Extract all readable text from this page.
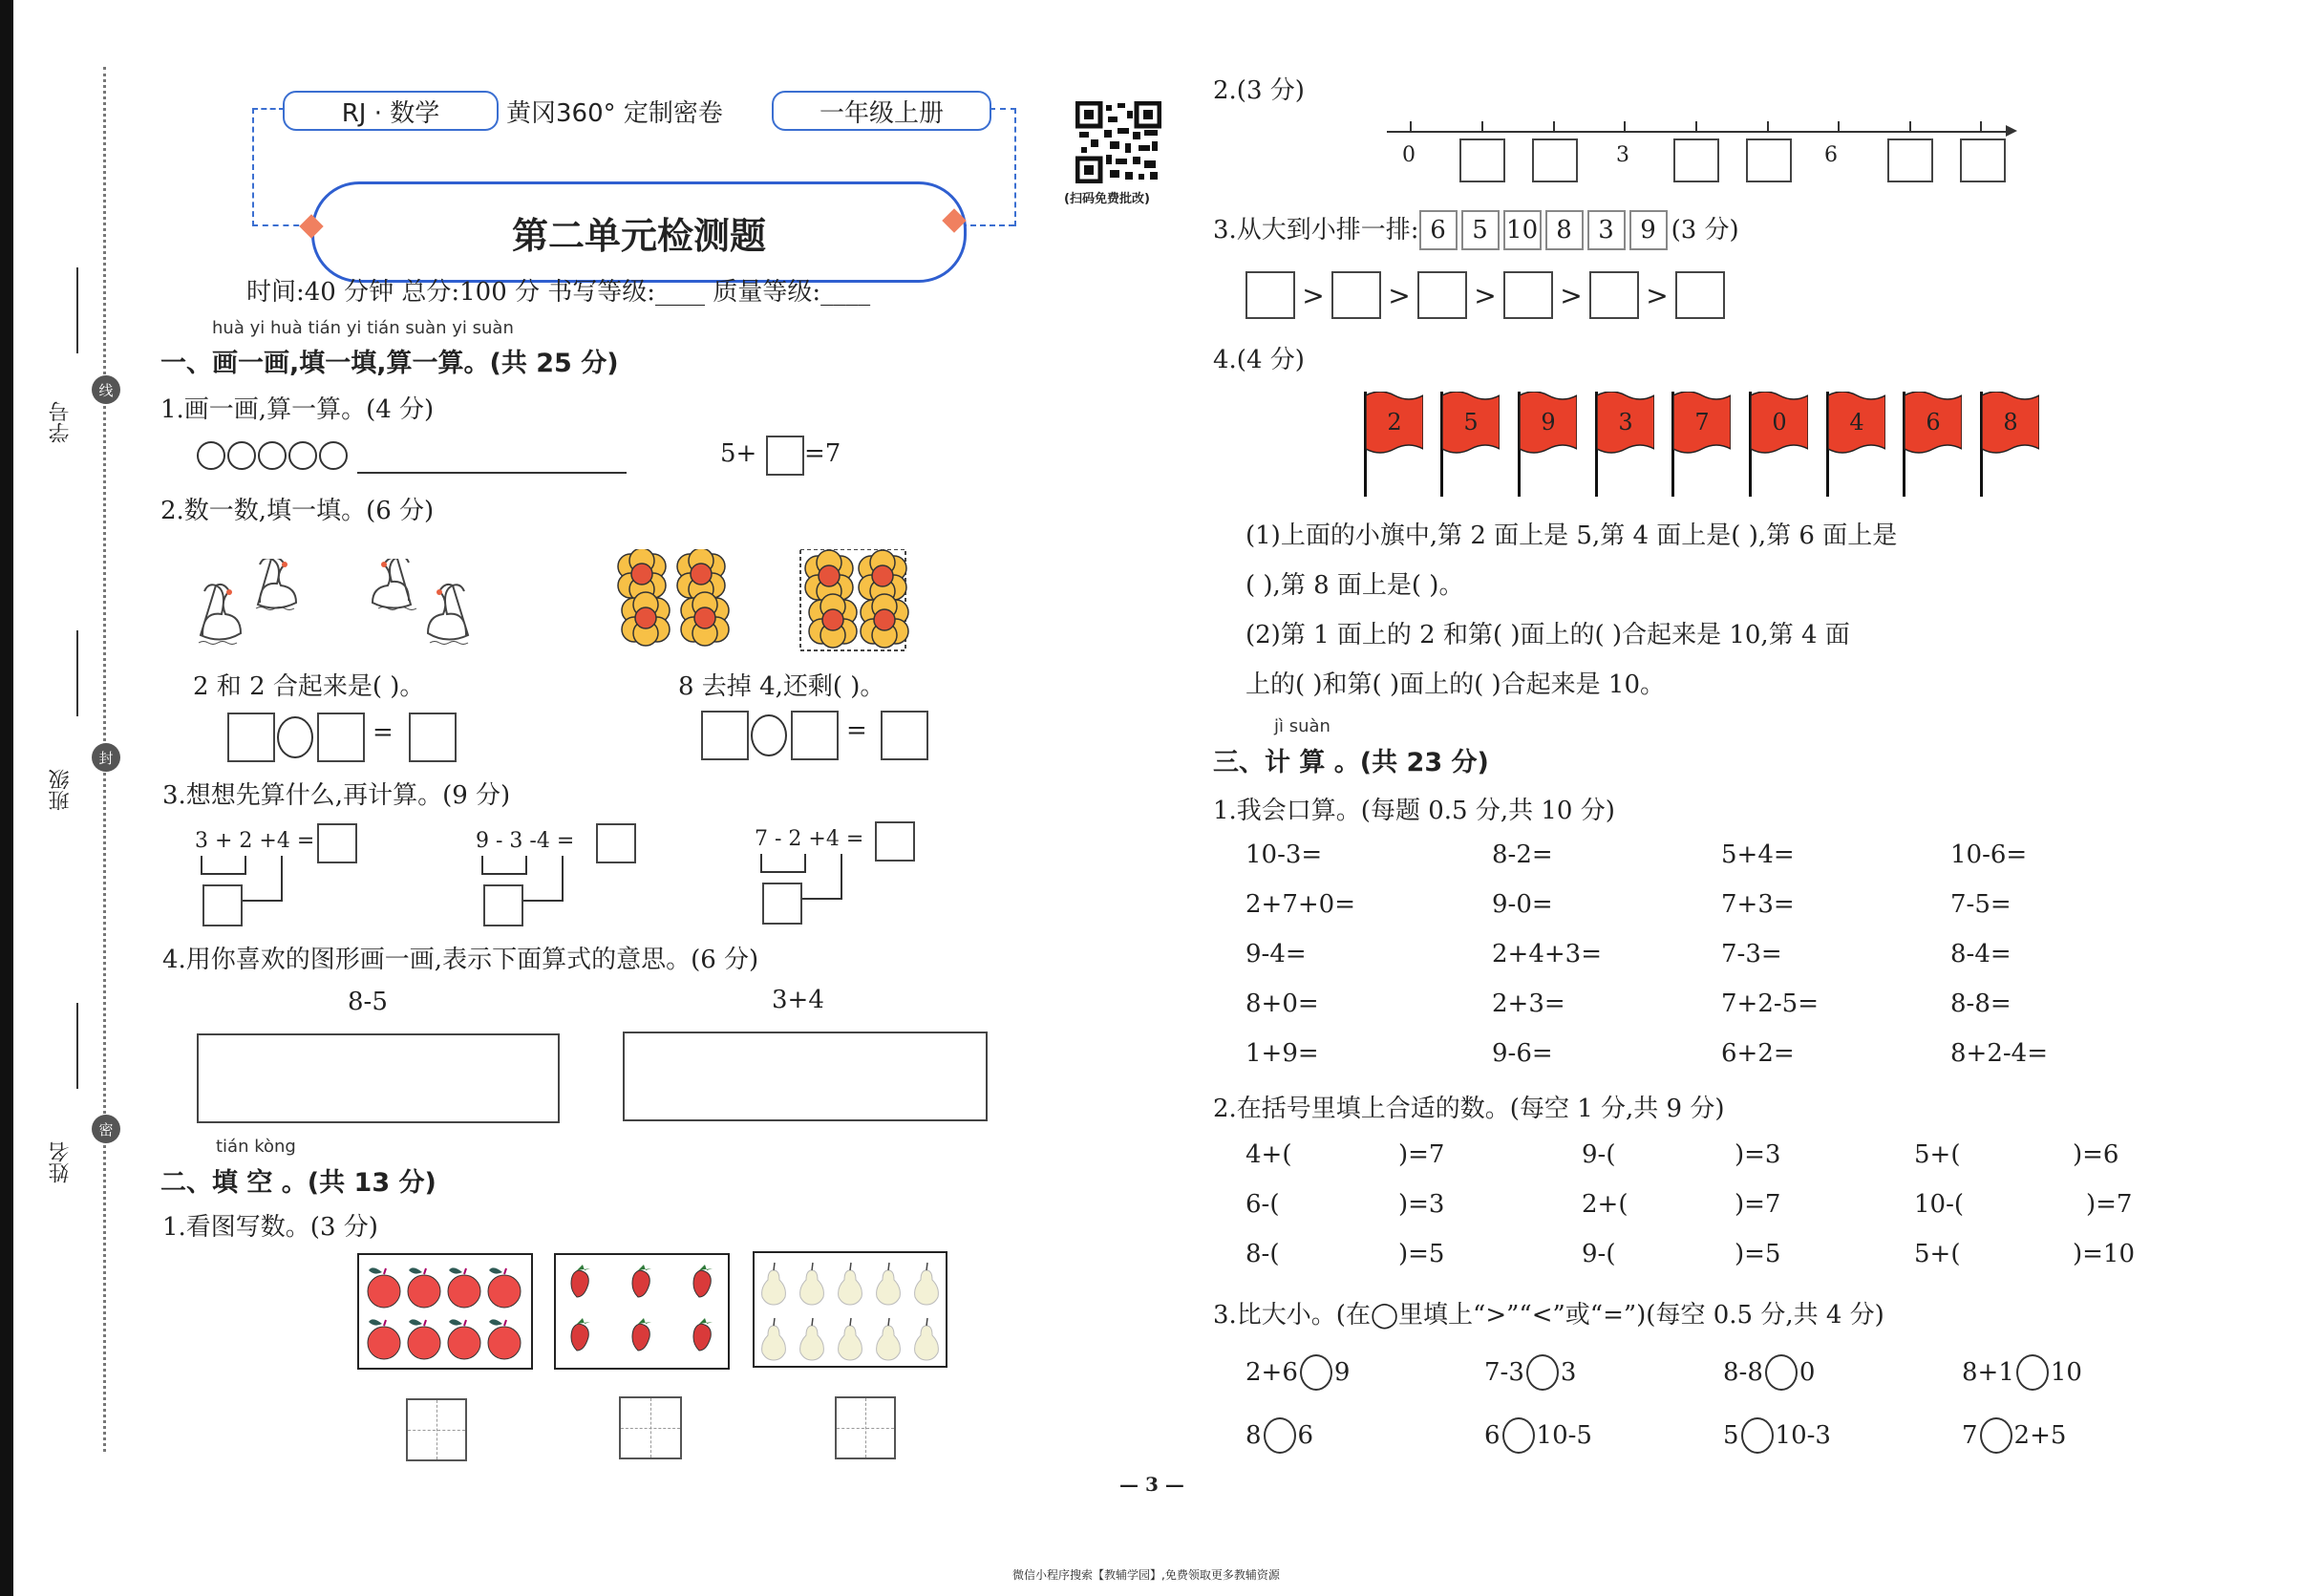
学号
线
班级
封
姓名
密
RJ · 数学	黄冈360° 定制密卷	一年级上册
第二单元检测题
(扫码免费批改)
时间:40 分钟 总分:100 分 书写等级:____ 质量等级:____
huà yi huà tián yi tián suàn yi suàn
一、画一画,填一填,算一算。(共 25 分)
1.画一画,算一算。(4 分)
5+ =7
2.数一数,填一填。(6 分)
2 和 2 合起来是( )。	8 去掉 4,还剩( )。
=	=
3.想想先算什么,再计算。(9 分)
3 + 2 +4 =	9 - 3 -4 =	7 - 2 +4 =
4.用你喜欢的图形画一画,表示下面算式的意思。(6 分)
8-5	3+4
tián kòng
二、填 空 。(共 13 分)
1.看图写数。(3 分)
2.(3 分)
0	3	6
3.从大到小排一排: 6 5 10 8 3 9 (3 分)
> > > > >
4.(4 分)
2	5	9	3	7	0	4	6	8
(1)上面的小旗中,第 2 面上是 5,第 4 面上是( ),第 6 面上是
( ),第 8 面上是( )。
(2)第 1 面上的 2 和第( )面上的( )合起来是 10,第 4 面
上的( )和第( )面上的( )合起来是 10。
jì suàn
三、计 算 。(共 23 分)
1.我会口算。(每题 0.5 分,共 10 分)
10-3=	8-2=	5+4=	10-6=
2+7+0=	9-0=	7+3=	7-5=
9-4=	2+4+3=	7-3=	8-4=
8+0=	2+3=	7+2-5=	8-8=
1+9=	9-6=	6+2=	8+2-4=
2.在括号里填上合适的数。(每空 1 分,共 9 分)
4+(	)=7	9-(	)=3	5+(	)=6
6-(	)=3	2+(	)=7	10-(	)=7
8-(	)=5	9-(	)=5	5+(	)=10
3.比大小。(在◯里填上“>”“<”或“=”)(每空 0.5 分,共 4 分)
2+6 9	7-3 3	8-8 0	8+1 10
8 6	6 10-5	5 10-3	7 2+5
— 3 —
微信小程序搜索【教辅学园】,免费领取更多教辅资源
